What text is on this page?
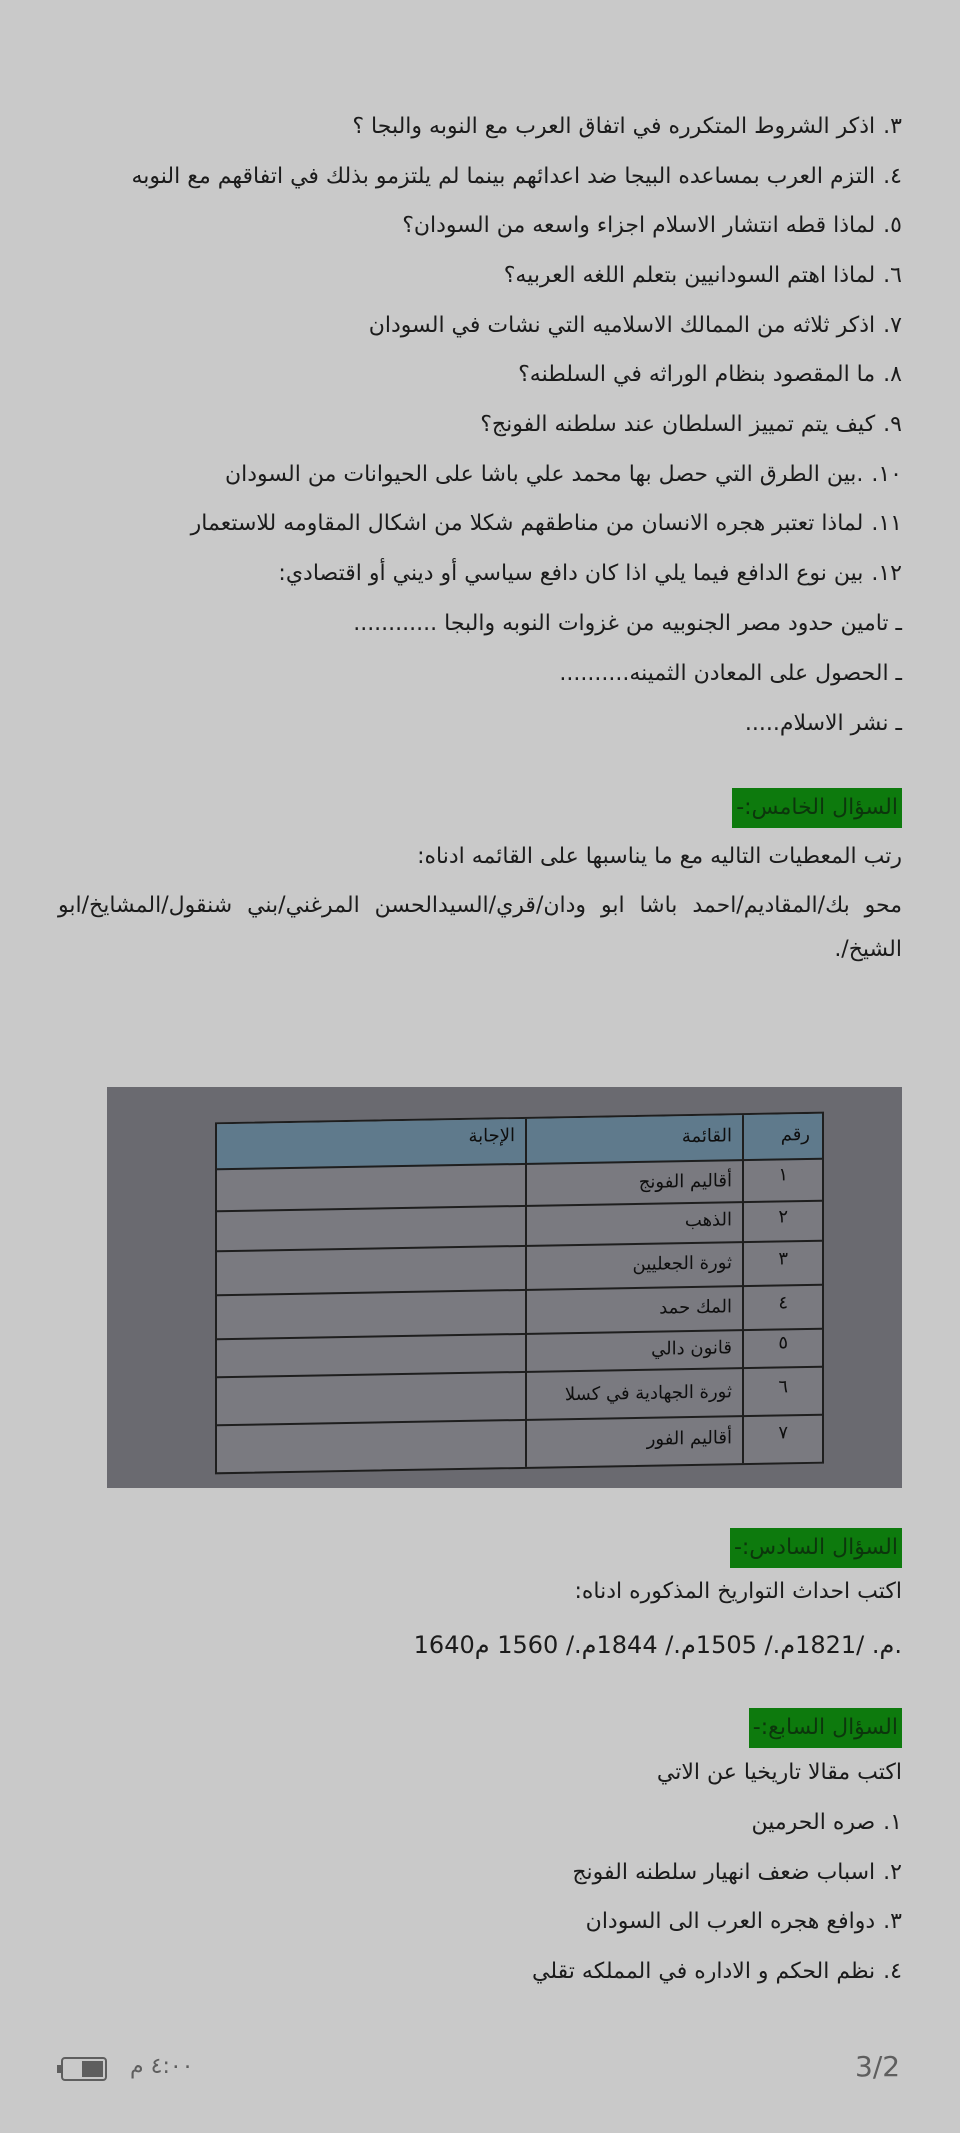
٣.اذكر الشروط المتكرره في اتفاق العرب مع النوبه والبجا ؟
٤.التزم العرب بمساعده البيجا ضد اعدائهم بينما لم يلتزمو بذلك في اتفاقهم مع النوبه
٥.لماذا قطه انتشار الاسلام اجزاء واسعه من السودان؟
٦.لماذا اهتم السودانيين بتعلم اللغه العربيه؟
٧.اذكر ثلاثه من الممالك الاسلاميه التي نشات في السودان
٨.ما المقصود بنظام الوراثه في السلطنه؟
٩.كيف يتم تمييز السلطان عند سلطنه الفونج؟
١٠..بين الطرق التي حصل بها محمد علي باشا على الحيوانات من السودان
١١.لماذا تعتبر هجره الانسان من مناطقهم شكلا من اشكال المقاومه للاستعمار
١٢.بين نوع الدافع فيما يلي اذا كان دافع سياسي أو ديني أو اقتصادي:
ـ تامين حدود مصر الجنوبيه من غزوات النوبه والبجا ............
ـ الحصول على المعادن الثمينه..........
ـ نشر الاسلام.....
السؤال الخامس:-
رتب المعطيات التاليه مع ما يناسبها على القائمه ادناه:
محو بك/المقاديم/احمد باشا ابو ودان/قري/السيدالحسن المرغني/بني شنقول/المشايخ/ابو الشيخ/.
رقم
القائمة
الإجابة
١
أقاليم الفونج
٢
الذهب
٣
ثورة الجعليين
٤
المك حمد
٥
قانون دالي
٦
ثورة الجهادية في كسلا
٧
أقاليم الفور
السؤال السادس:-
اكتب احداث التواريخ المذكوره ادناه:
1640م. /1821م./ 1505م./ 1844م./ 1560 م.
السؤال السابع:-
اكتب مقالا تاريخيا عن الاتي
١.صره الحرمين
٢.اسباب ضعف انهيار سلطنه الفونج
٣.دوافع هجره العرب الى السودان
٤.نظم الحكم و الاداره في المملكه تقلي
3/2
٤:٠٠ م
